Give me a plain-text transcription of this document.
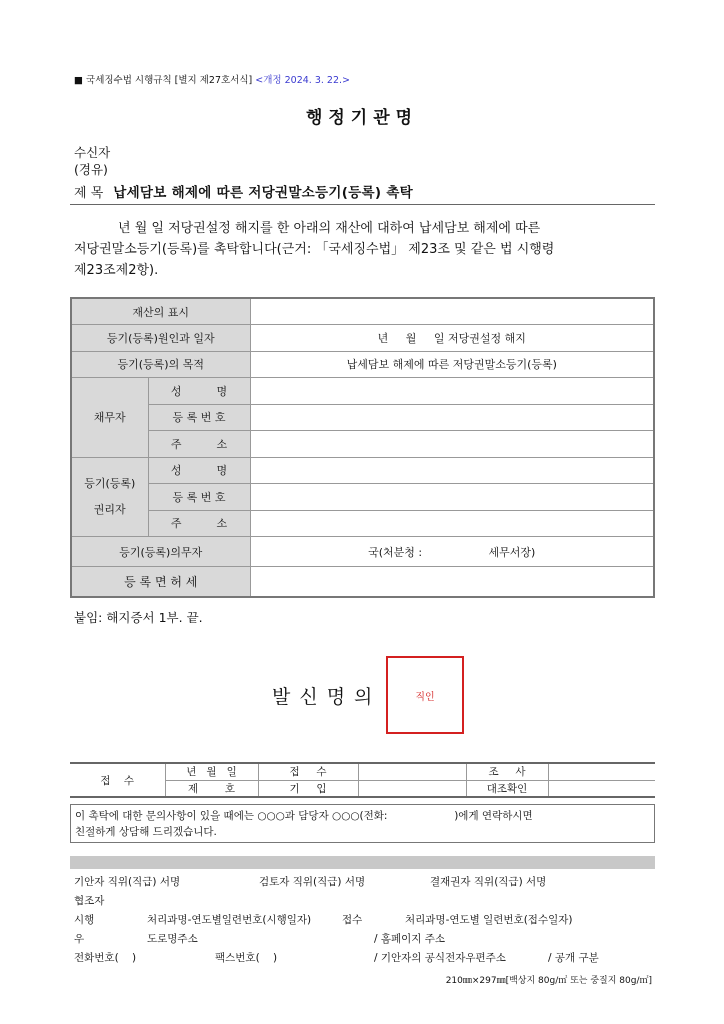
■ 국세징수법 시행규칙 [별지 제27호서식] <개정 2024. 3. 22.>
행정기관명
수신자
(경유)
제 목 납세담보 해제에 따른 저당권말소등기(등록) 촉탁
년 월 일 저당권설정 해지를 한 아래의 재산에 대하여 납세담보 해제에 따른
저당권말소등기(등록)를 촉탁합니다(근거: 「국세징수법」 제23조 및 같은 법 시행령
제23조제2항).
재산의 표시		
등기(등록)원인과 일자		년     월     일 저당권설정 해지
등기(등록)의 목적		납세담보 해제에 따른 저당권말소등기(등록)
채무자	성          명	
	등 록 번 호	
	주          소	
등기(등록)
권리자	성          명	
	등 록 번 호	
	주          소	
등기(등록)의무자		국(처분청 :                   세무서장)
등 록 면 허 세		
붙임: 해지증서 1부. 끝.
발신명의	직인
접    수	년   월   일	접     수		조     사	
	제        호	기     입		대조확인	
이 촉탁에 대한 문의사항이 있을 때에는 ○○○과 담당자 ○○○(전화:                    )에게 연락하시면
친절하게 상담해 드리겠습니다.
기안자 직위(직급) 서명	검토자 직위(직급) 서명	결재권자 직위(직급) 서명
협조자
시행	처리과명-연도별일련번호(시행일자)	접수	처리과명-연도별 일련번호(접수일자)
우	도로명주소	/ 홈페이지 주소
전화번호(    )	팩스번호(    )	/ 기안자의 공식전자우편주소	/ 공개 구분
210㎜×297㎜[백상지 80g/㎡ 또는 중질지 80g/㎡]
